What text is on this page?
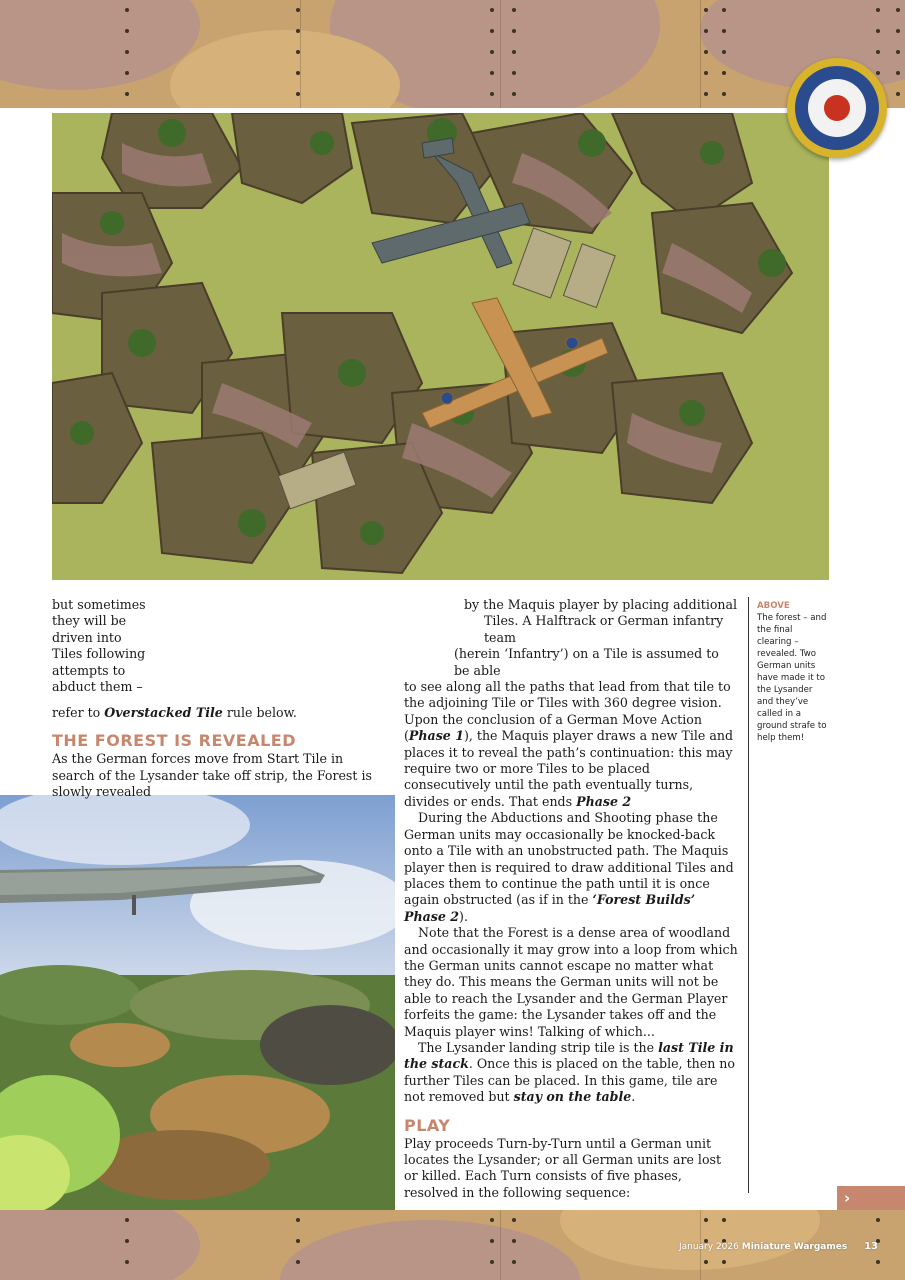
but sometimes
they will be
driven into
Tiles following
attempts to
abduct them –

refer to Overstacked Tile rule below.

THE FOREST IS REVEALED

As the German forces move from Start Tile in search of the Lysander take off strip, the Forest is slowly revealed

by the Maquis player by placing additional
Tiles. A Halftrack or German infantry team
(herein ‘Infantry’) on a Tile is assumed to be able

to see along all the paths that lead from that tile to the adjoining Tile or Tiles with 360 degree vision. Upon the conclusion of a German Move Action (Phase 1), the Maquis player draws a new Tile and places it to reveal the path’s continuation: this may require two or more Tiles to be placed consecutively until the path eventually turns, divides or ends. That ends Phase 2

During the Abductions and Shooting phase the German units may occasionally be knocked-back onto a Tile with an unobstructed path. The Maquis player then is required to draw additional Tiles and places them to continue the path until it is once again obstructed (as if in the ‘Forest Builds’ Phase 2).

Note that the Forest is a dense area of woodland and occasionally it may grow into a loop from which the German units cannot escape no matter what they do. This means the German units will not be able to reach the Lysander and the German Player forfeits the game: the Lysander takes off and the Maquis player wins! Talking of which...

The Lysander landing strip tile is the last Tile in the stack. Once this is placed on the table, then no further Tiles can be placed. In this game, tile are not removed but stay on the table.

PLAY

Play proceeds Turn-by-Turn until a German unit locates the Lysander; or all German units are lost or killed. Each Turn consists of five phases, resolved in the following sequence:

ABOVE
The forest – and the final clearing – revealed. Two German units have made it to the Lysander and they’ve called in a ground strafe to help them!
›
January 2026 Miniature Wargames 13
